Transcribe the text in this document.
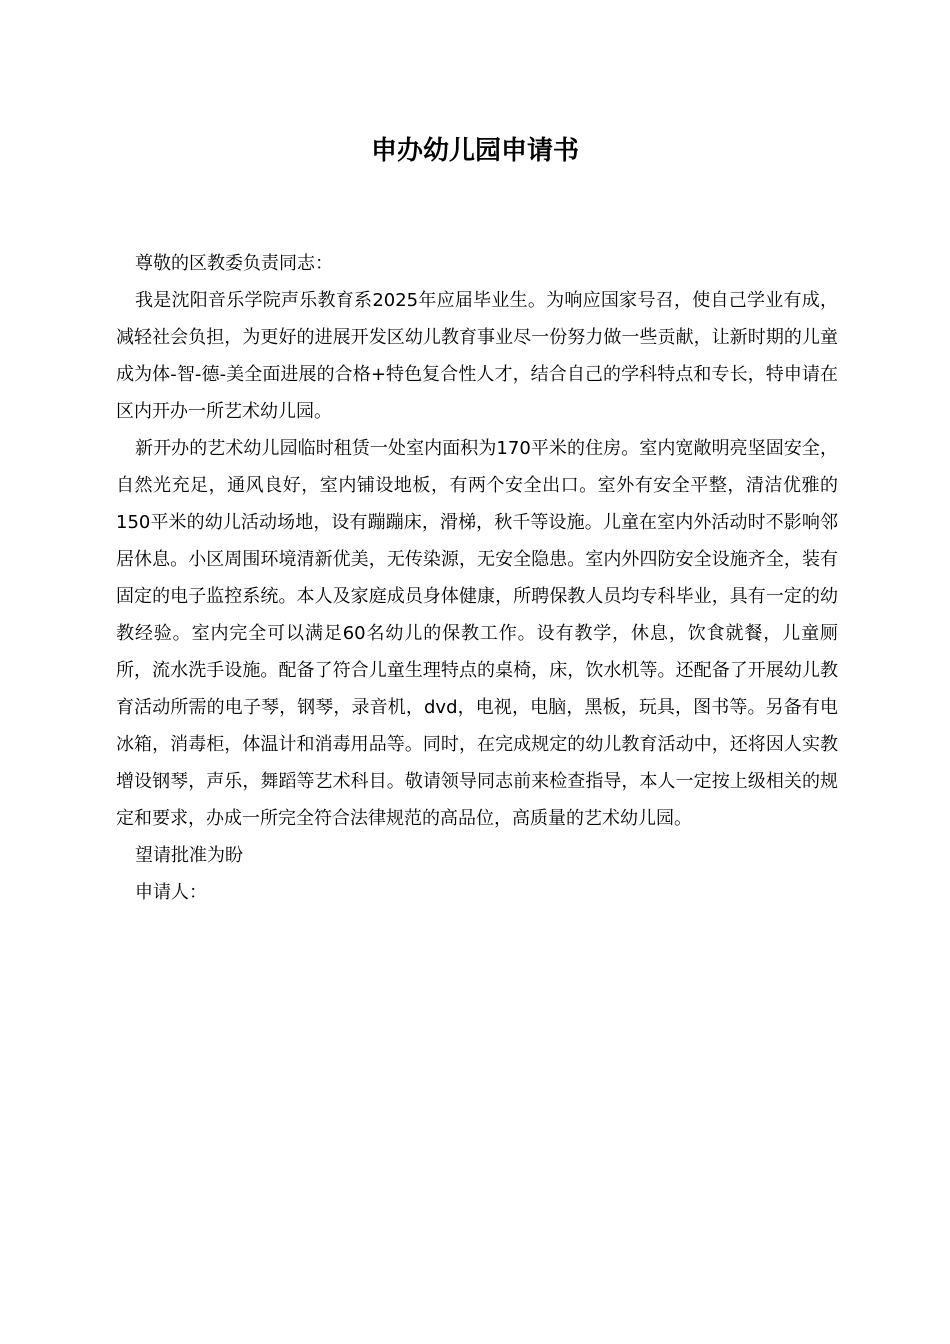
申办幼儿园申请书

尊敬的区教委负责同志：

我是沈阳音乐学院声乐教育系2025年应届毕业生。为响应国家号召，使自己学业有成，减轻社会负担，为更好的进展开发区幼儿教育事业尽一份努力做一些贡献，让新时期的儿童成为体-智-德-美全面进展的合格+特色复合性人才，结合自己的学科特点和专长，特申请在区内开办一所艺术幼儿园。

新开办的艺术幼儿园临时租赁一处室内面积为170平米的住房。室内宽敞明亮坚固安全，自然光充足，通风良好，室内铺设地板，有两个安全出口。室外有安全平整，清洁优雅的150平米的幼儿活动场地，设有蹦蹦床，滑梯，秋千等设施。儿童在室内外活动时不影响邻居休息。小区周围环境清新优美，无传染源，无安全隐患。室内外四防安全设施齐全，装有固定的电子监控系统。本人及家庭成员身体健康，所聘保教人员均专科毕业，具有一定的幼教经验。室内完全可以满足60名幼儿的保教工作。设有教学，休息，饮食就餐，儿童厕所，流水洗手设施。配备了符合儿童生理特点的桌椅，床，饮水机等。还配备了开展幼儿教育活动所需的电子琴，钢琴，录音机，dvd，电视，电脑，黑板，玩具，图书等。另备有电冰箱，消毒柜，体温计和消毒用品等。同时，在完成规定的幼儿教育活动中，还将因人实教增设钢琴，声乐，舞蹈等艺术科目。敬请领导同志前来检查指导，本人一定按上级相关的规定和要求，办成一所完全符合法律规范的高品位，高质量的艺术幼儿园。

望请批准为盼

申请人：
